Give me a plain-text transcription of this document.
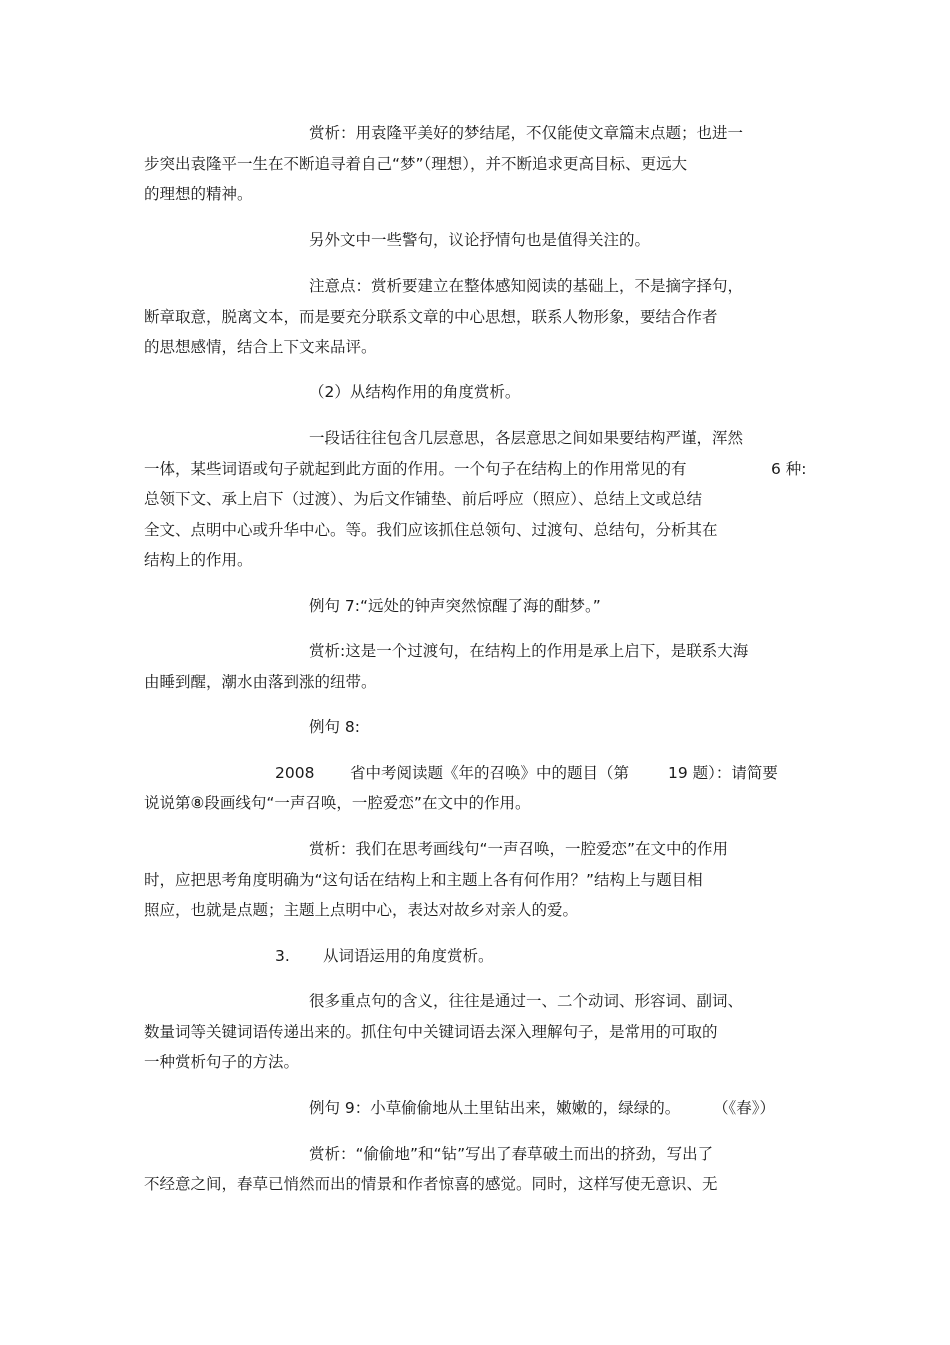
赏析：用袁隆平美好的梦结尾，不仅能使文章篇末点题；也进一
步突出袁隆平一生在不断追寻着自己“梦”（理想），并不断追求更高目标、更远大
的理想的精神。
另外文中一些警句，议论抒情句也是值得关注的。
注意点：赏析要建立在整体感知阅读的基础上，不是摘字择句，
断章取意，脱离文本，而是要充分联系文章的中心思想，联系人物形象，要结合作者
的思想感情，结合上下文来品评。
（2）从结构作用的角度赏析。
一段话往往包含几层意思，各层意思之间如果要结构严谨，浑然
一体，某些词语或句子就起到此方面的作用。一个句子在结构上的作用常见的有	6 种:
总领下文、承上启下（过渡）、为后文作铺垫、前后呼应（照应）、总结上文或总结
全文、点明中心或升华中心。等。我们应该抓住总领句、过渡句、总结句，分析其在
结构上的作用。
例句 7:“远处的钟声突然惊醒了海的酣梦。”
赏析:这是一个过渡句，在结构上的作用是承上启下，是联系大海
由睡到醒，潮水由落到涨的纽带。
例句 8:
2008 省中考阅读题《年的召唤》中的题目（第	19 题）：请简要
说说第⑧段画线句“一声召唤，一腔爱恋”在文中的作用。
赏析：我们在思考画线句“一声召唤，一腔爱恋”在文中的作用
时，应把思考角度明确为“这句话在结构上和主题上各有何作用？”结构上与题目相
照应，也就是点题；主题上点明中心，表达对故乡对亲人的爱。
3. 从词语运用的角度赏析。
很多重点句的含义，往往是通过一、二个动词、形容词、副词、
数量词等关键词语传递出来的。抓住句中关键词语去深入理解句子，是常用的可取的
一种赏析句子的方法。
例句 9：小草偷偷地从土里钻出来，嫩嫩的，绿绿的。 （《春》）
赏析：“偷偷地”和“钻”写出了春草破土而出的挤劲，写出了
不经意之间，春草已悄然而出的情景和作者惊喜的感觉。同时，这样写使无意识、无
